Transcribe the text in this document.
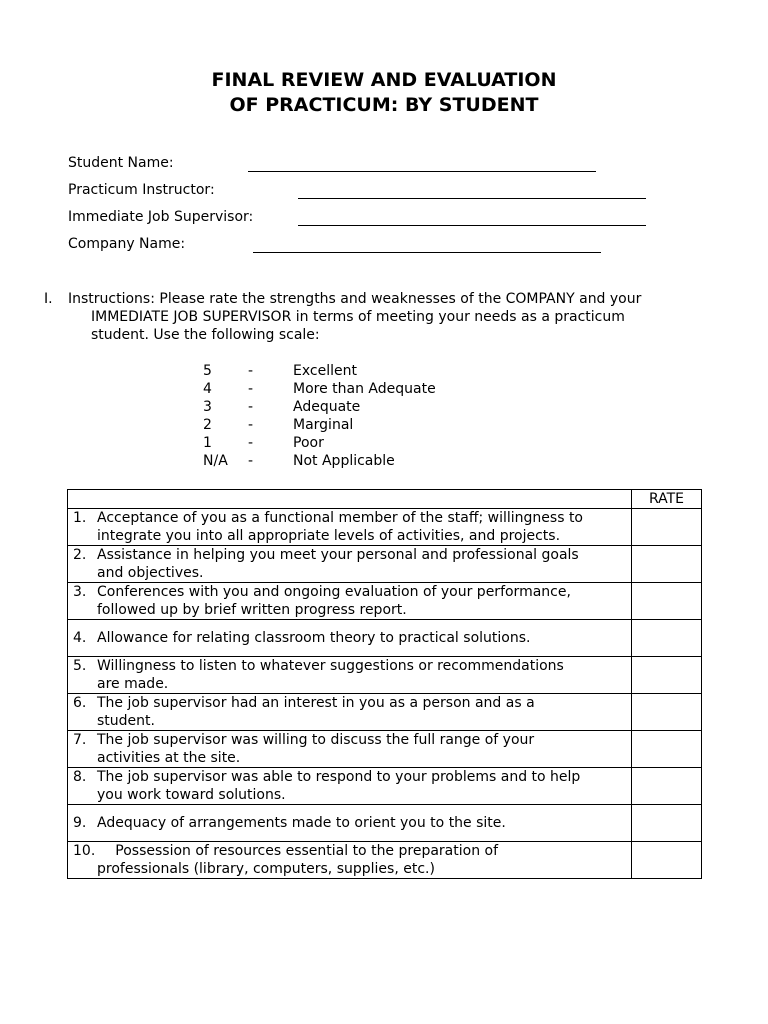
FINAL REVIEW AND EVALUATION
OF PRACTICUM: BY STUDENT
Student Name:
Practicum Instructor:
Immediate Job Supervisor:
Company Name:
I. Instructions: Please rate the strengths and weaknesses of the COMPANY and your
IMMEDIATE JOB SUPERVISOR in terms of meeting your needs as a practicum
student. Use the following scale:
5	-	Excellent
4	-	More than Adequate
3	-	Adequate
2	-	Marginal
1	-	Poor
N/A -	Not Applicable
	RATE

1. Acceptance of you as a functional member of the staff; willingness to
integrate you into all appropriate levels of activities, and projects.	

2. Assistance in helping you meet your personal and professional goals
and objectives.	

3. Conferences with you and ongoing evaluation of your performance,
followed up by brief written progress report.	

4. Allowance for relating classroom theory to practical solutions.	

5. Willingness to listen to whatever suggestions or recommendations
are made.	

6. The job supervisor had an interest in you as a person and as a
student.	

7. The job supervisor was willing to discuss the full range of your
activities at the site.	

8. The job supervisor was able to respond to your problems and to help
you work toward solutions.	

9. Adequacy of arrangements made to orient you to the site.	

10. Possession of resources essential to the preparation of
professionals (library, computers, supplies, etc.)	
